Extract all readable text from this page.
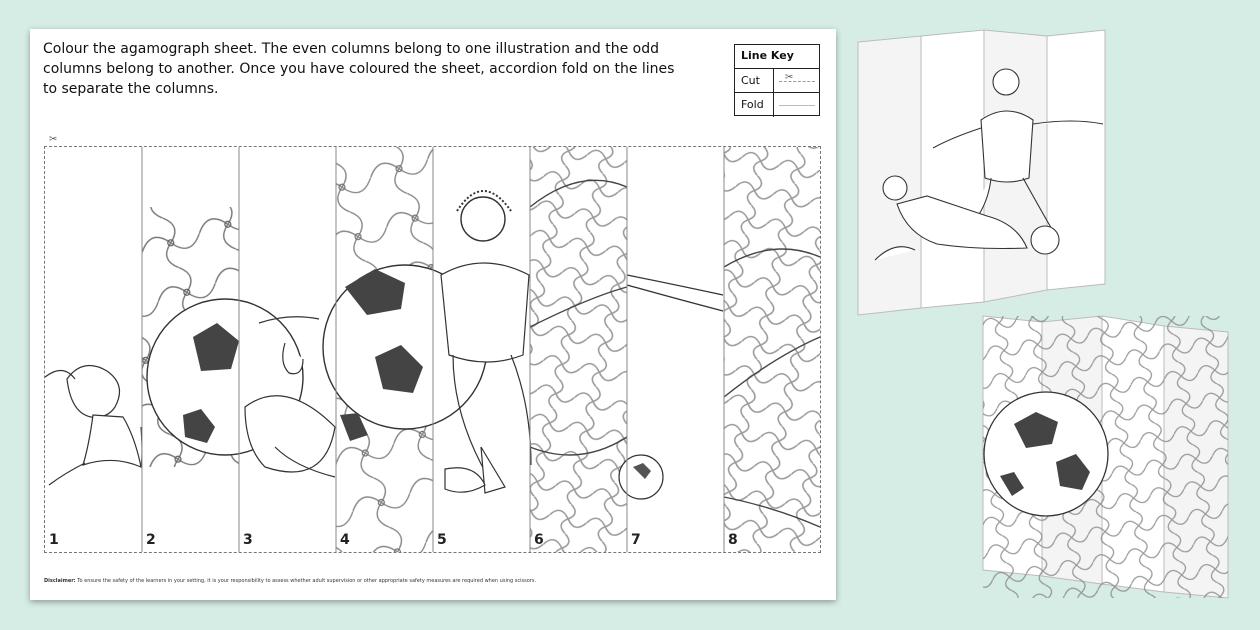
Colour the agamograph sheet. The even columns belong to one illustration and the odd
columns belong to another. Once you have coloured the sheet, accordion fold on the lines
to separate the columns.
Line Key
Cut	✂
Fold
✂
1	2	3	4	5	6	7	8
Disclaimer: To ensure the safety of the learners in your setting, it is your responsibility to assess whether adult supervision or other appropriate safety measures are required when using scissors.
